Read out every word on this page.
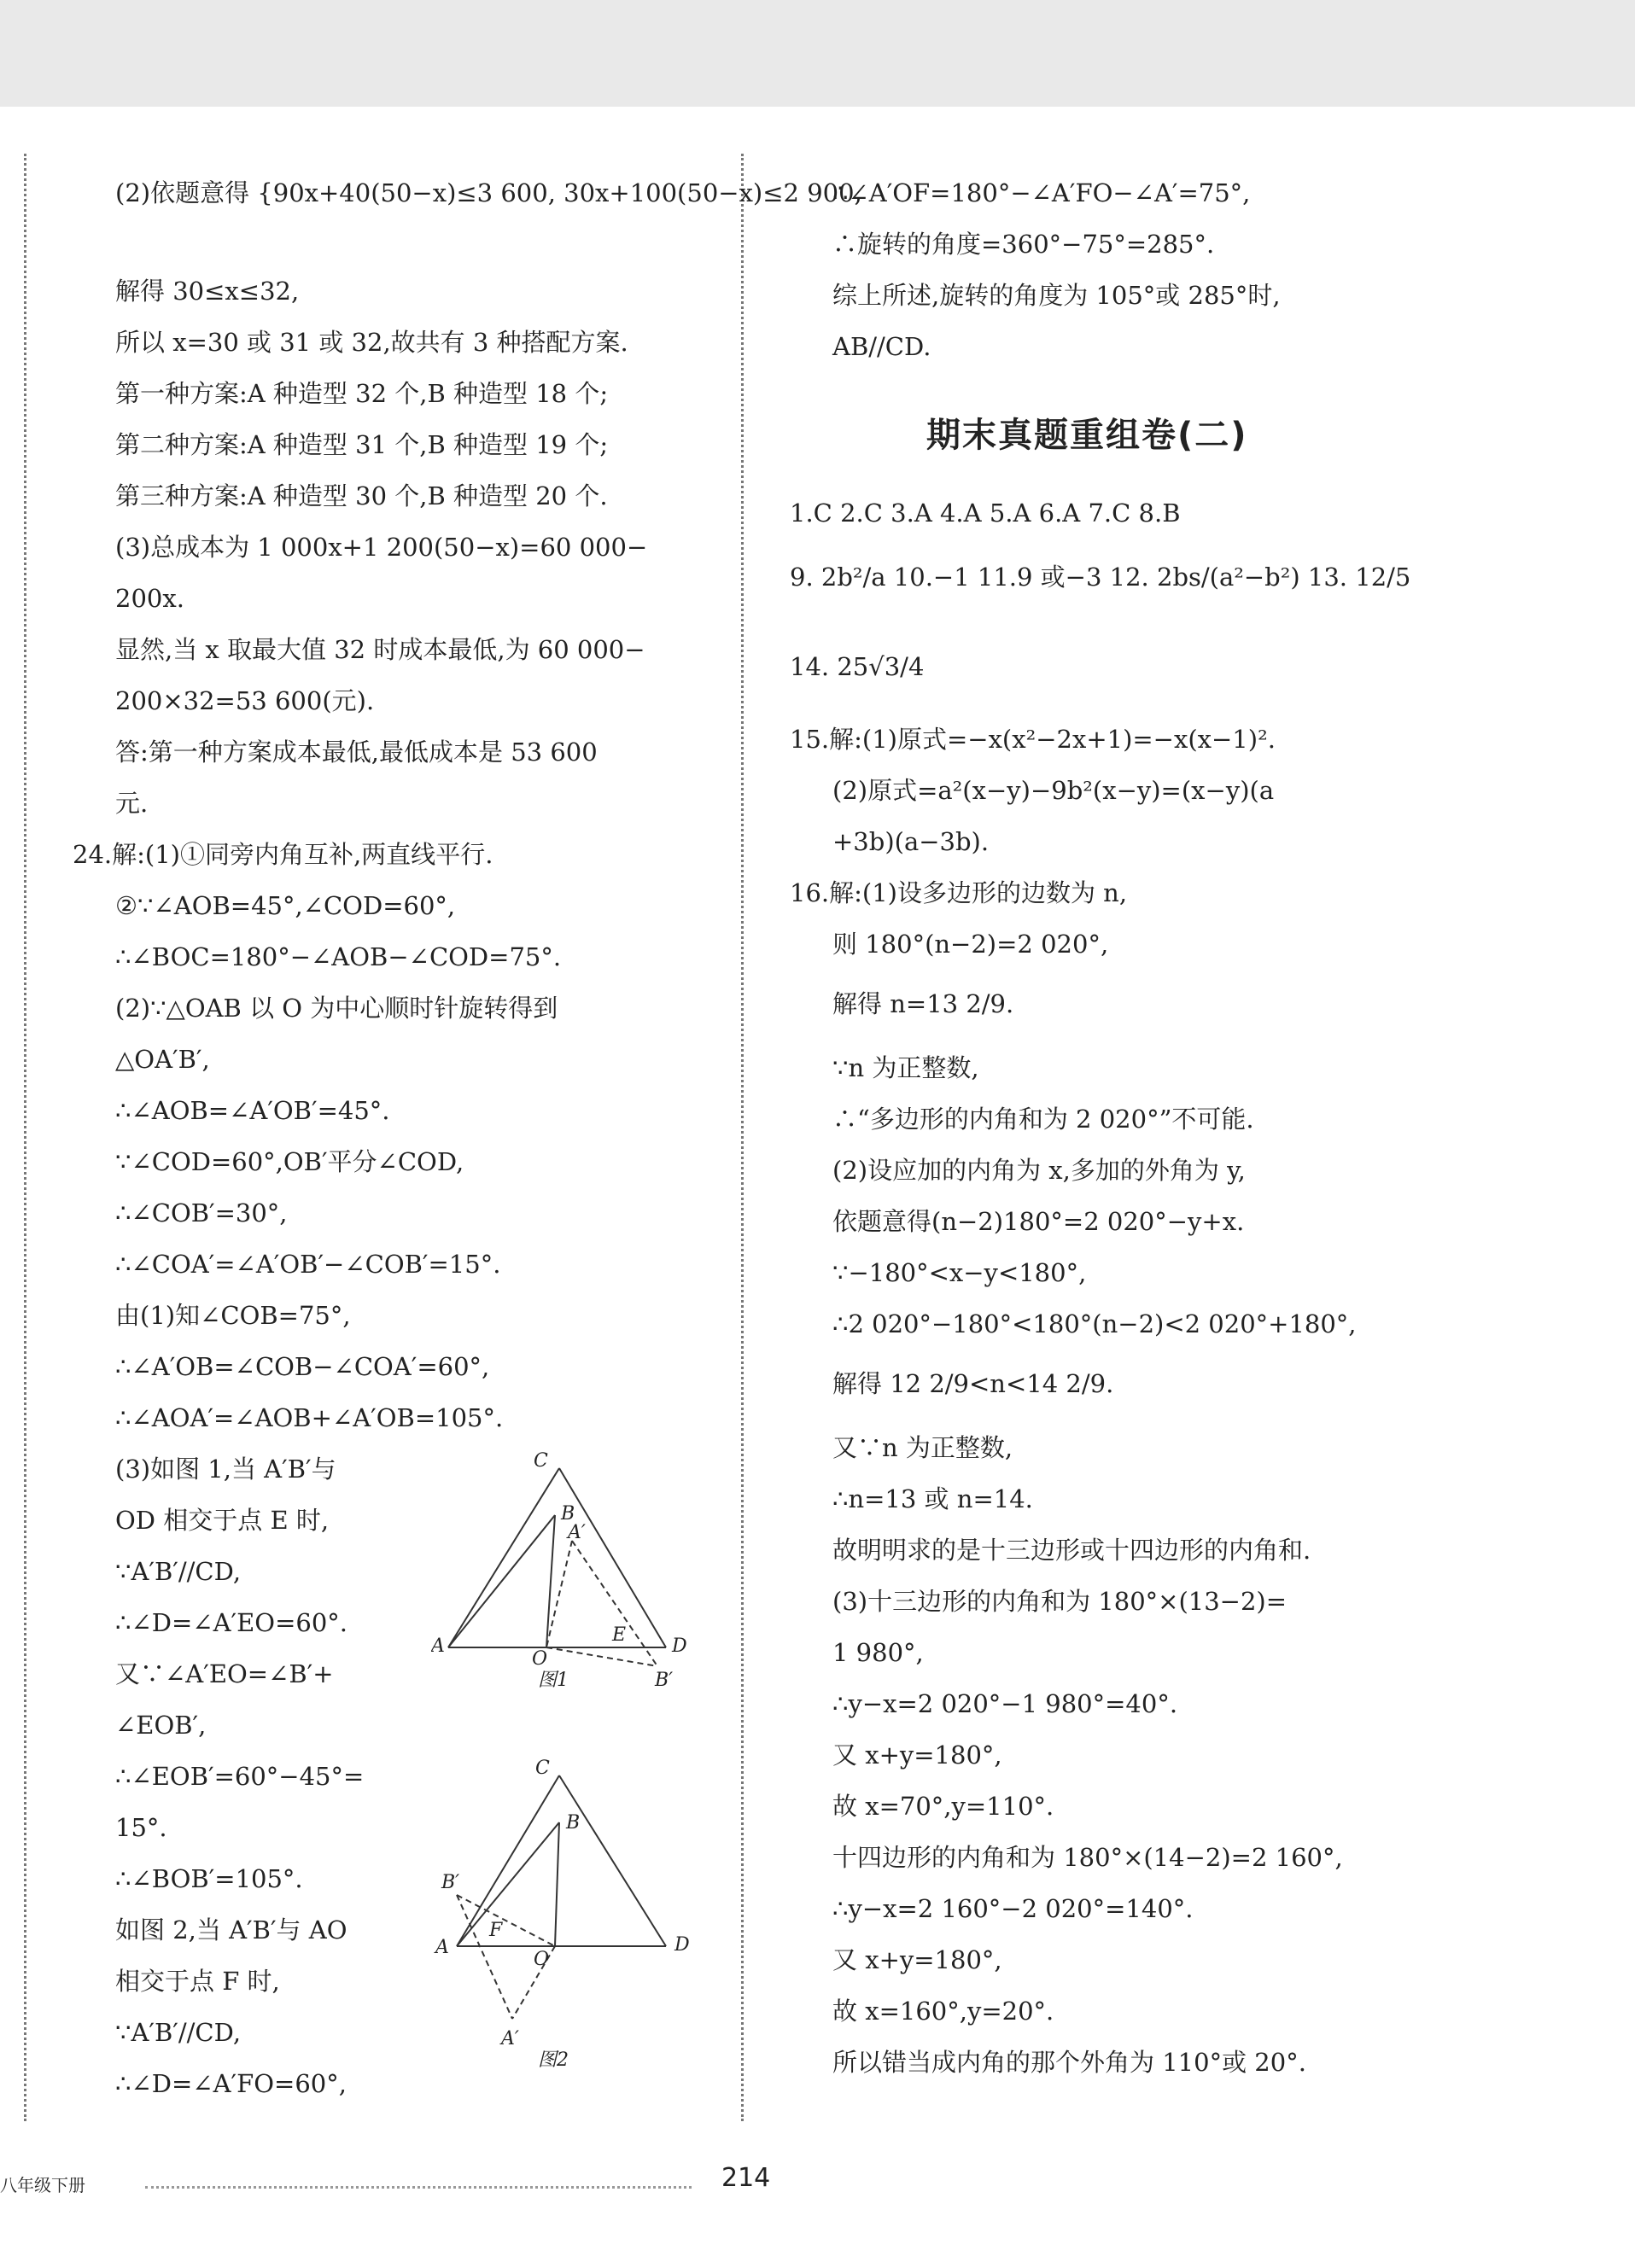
(2)依题意得 {90x+40(50−x)≤3 600, 30x+100(50−x)≤2 900,
解得 30≤x≤32,
所以 x=30 或 31 或 32,故共有 3 种搭配方案.
第一种方案:A 种造型 32 个,B 种造型 18 个;
第二种方案:A 种造型 31 个,B 种造型 19 个;
第三种方案:A 种造型 30 个,B 种造型 20 个.
(3)总成本为 1 000x+1 200(50−x)=60 000−
200x.
显然,当 x 取最大值 32 时成本最低,为 60 000−
200×32=53 600(元).
答:第一种方案成本最低,最低成本是 53 600
元.
24.解:(1)①同旁内角互补,两直线平行.
②∵∠AOB=45°,∠COD=60°,
∴∠BOC=180°−∠AOB−∠COD=75°.
(2)∵△OAB 以 O 为中心顺时针旋转得到
△OA′B′,
∴∠AOB=∠A′OB′=45°.
∵∠COD=60°,OB′平分∠COD,
∴∠COB′=30°,
∴∠COA′=∠A′OB′−∠COB′=15°.
由(1)知∠COB=75°,
∴∠A′OB=∠COB−∠COA′=60°,
∴∠AOA′=∠AOB+∠A′OB=105°.
(3)如图 1,当 A′B′与
OD 相交于点 E 时,
∵A′B′//CD,
∴∠D=∠A′EO=60°.
又∵∠A′EO=∠B′+
∠EOB′,
∴∠EOB′=60°−45°=
15°.
∴∠BOB′=105°.
如图 2,当 A′B′与 AO
相交于点 F 时,
∵A′B′//CD,
∴∠D=∠A′FO=60°,
C
B
A′
A
O
E
D
B′
图1
C
B
B′
F
A
O
D
A′
图2
∴∠A′OF=180°−∠A′FO−∠A′=75°,
∴旋转的角度=360°−75°=285°.
综上所述,旋转的角度为 105°或 285°时,
AB//CD.
1.C 2.C 3.A 4.A 5.A 6.A 7.C 8.B
9. 2b²/a 10.−1 11.9 或−3 12. 2bs/(a²−b²) 13. 12/5
14. 25√3/4
15.解:(1)原式=−x(x²−2x+1)=−x(x−1)².
(2)原式=a²(x−y)−9b²(x−y)=(x−y)(a
+3b)(a−3b).
16.解:(1)设多边形的边数为 n,
则 180°(n−2)=2 020°,
解得 n=13 2/9.
∵n 为正整数,
∴“多边形的内角和为 2 020°”不可能.
(2)设应加的内角为 x,多加的外角为 y,
依题意得(n−2)180°=2 020°−y+x.
∵−180°<x−y<180°,
∴2 020°−180°<180°(n−2)<2 020°+180°,
解得 12 2/9<n<14 2/9.
又∵n 为正整数,
∴n=13 或 n=14.
故明明求的是十三边形或十四边形的内角和.
(3)十三边形的内角和为 180°×(13−2)=
1 980°,
∴y−x=2 020°−1 980°=40°.
又 x+y=180°,
故 x=70°,y=110°.
十四边形的内角和为 180°×(14−2)=2 160°,
∴y−x=2 160°−2 020°=140°.
又 x+y=180°,
故 x=160°,y=20°.
所以错当成内角的那个外角为 110°或 20°.
期末真题重组卷(二)
八年级下册	214
